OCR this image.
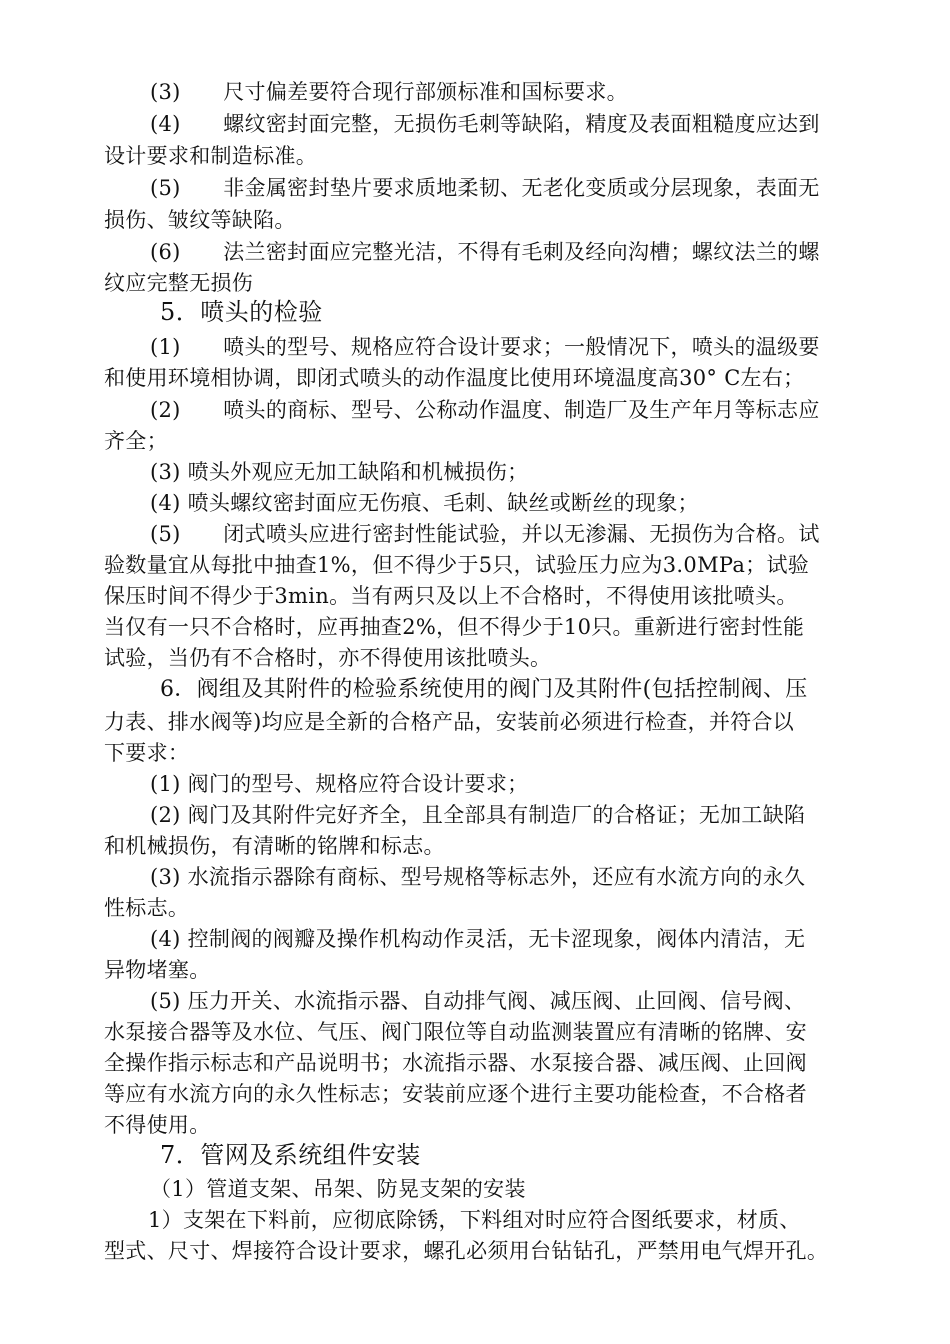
(3)　　尺寸偏差要符合现行部颁标准和国标要求。
(4)　　螺纹密封面完整，无损伤毛刺等缺陷，精度及表面粗糙度应达到
设计要求和制造标准。
(5)　　非金属密封垫片要求质地柔韧、无老化变质或分层现象，表面无
损伤、皱纹等缺陷。
(6)　　法兰密封面应完整光洁，不得有毛刺及经向沟槽；螺纹法兰的螺
纹应完整无损伤
5．喷头的检验
(1)　　喷头的型号、规格应符合设计要求；一般情况下，喷头的温级要
和使用环境相协调，即闭式喷头的动作温度比使用环境温度高30° C左右；
(2)　　喷头的商标、型号、公称动作温度、制造厂及生产年月等标志应
齐全；
(3) 喷头外观应无加工缺陷和机械损伤；
(4) 喷头螺纹密封面应无伤痕、毛刺、缺丝或断丝的现象；
(5)　　闭式喷头应进行密封性能试验，并以无渗漏、无损伤为合格。试
验数量宜从每批中抽查1%，但不得少于5只，试验压力应为3.0MPa；试验
保压时间不得少于3min。当有两只及以上不合格时，不得使用该批喷头。
当仅有一只不合格时，应再抽查2%，但不得少于10只。重新进行密封性能
试验，当仍有不合格时，亦不得使用该批喷头。
6．阀组及其附件的检验系统使用的阀门及其附件(包括控制阀、压
力表、排水阀等)均应是全新的合格产品，安装前必须进行检查，并符合以
下要求：
(1) 阀门的型号、规格应符合设计要求；
(2) 阀门及其附件完好齐全，且全部具有制造厂的合格证；无加工缺陷
和机械损伤，有清晰的铭牌和标志。
(3) 水流指示器除有商标、型号规格等标志外，还应有水流方向的永久
性标志。
(4) 控制阀的阀瓣及操作机构动作灵活，无卡涩现象，阀体内清洁，无
异物堵塞。
(5) 压力开关、水流指示器、自动排气阀、减压阀、止回阀、信号阀、
水泵接合器等及水位、气压、阀门限位等自动监测装置应有清晰的铭牌、安
全操作指示标志和产品说明书；水流指示器、水泵接合器、减压阀、止回阀
等应有水流方向的永久性标志；安装前应逐个进行主要功能检查，不合格者
不得使用。
7．管网及系统组件安装
（1）管道支架、吊架、防晃支架的安装
1）支架在下料前，应彻底除锈，下料组对时应符合图纸要求，材质、
型式、尺寸、焊接符合设计要求，螺孔必须用台钻钻孔，严禁用电气焊开孔。
